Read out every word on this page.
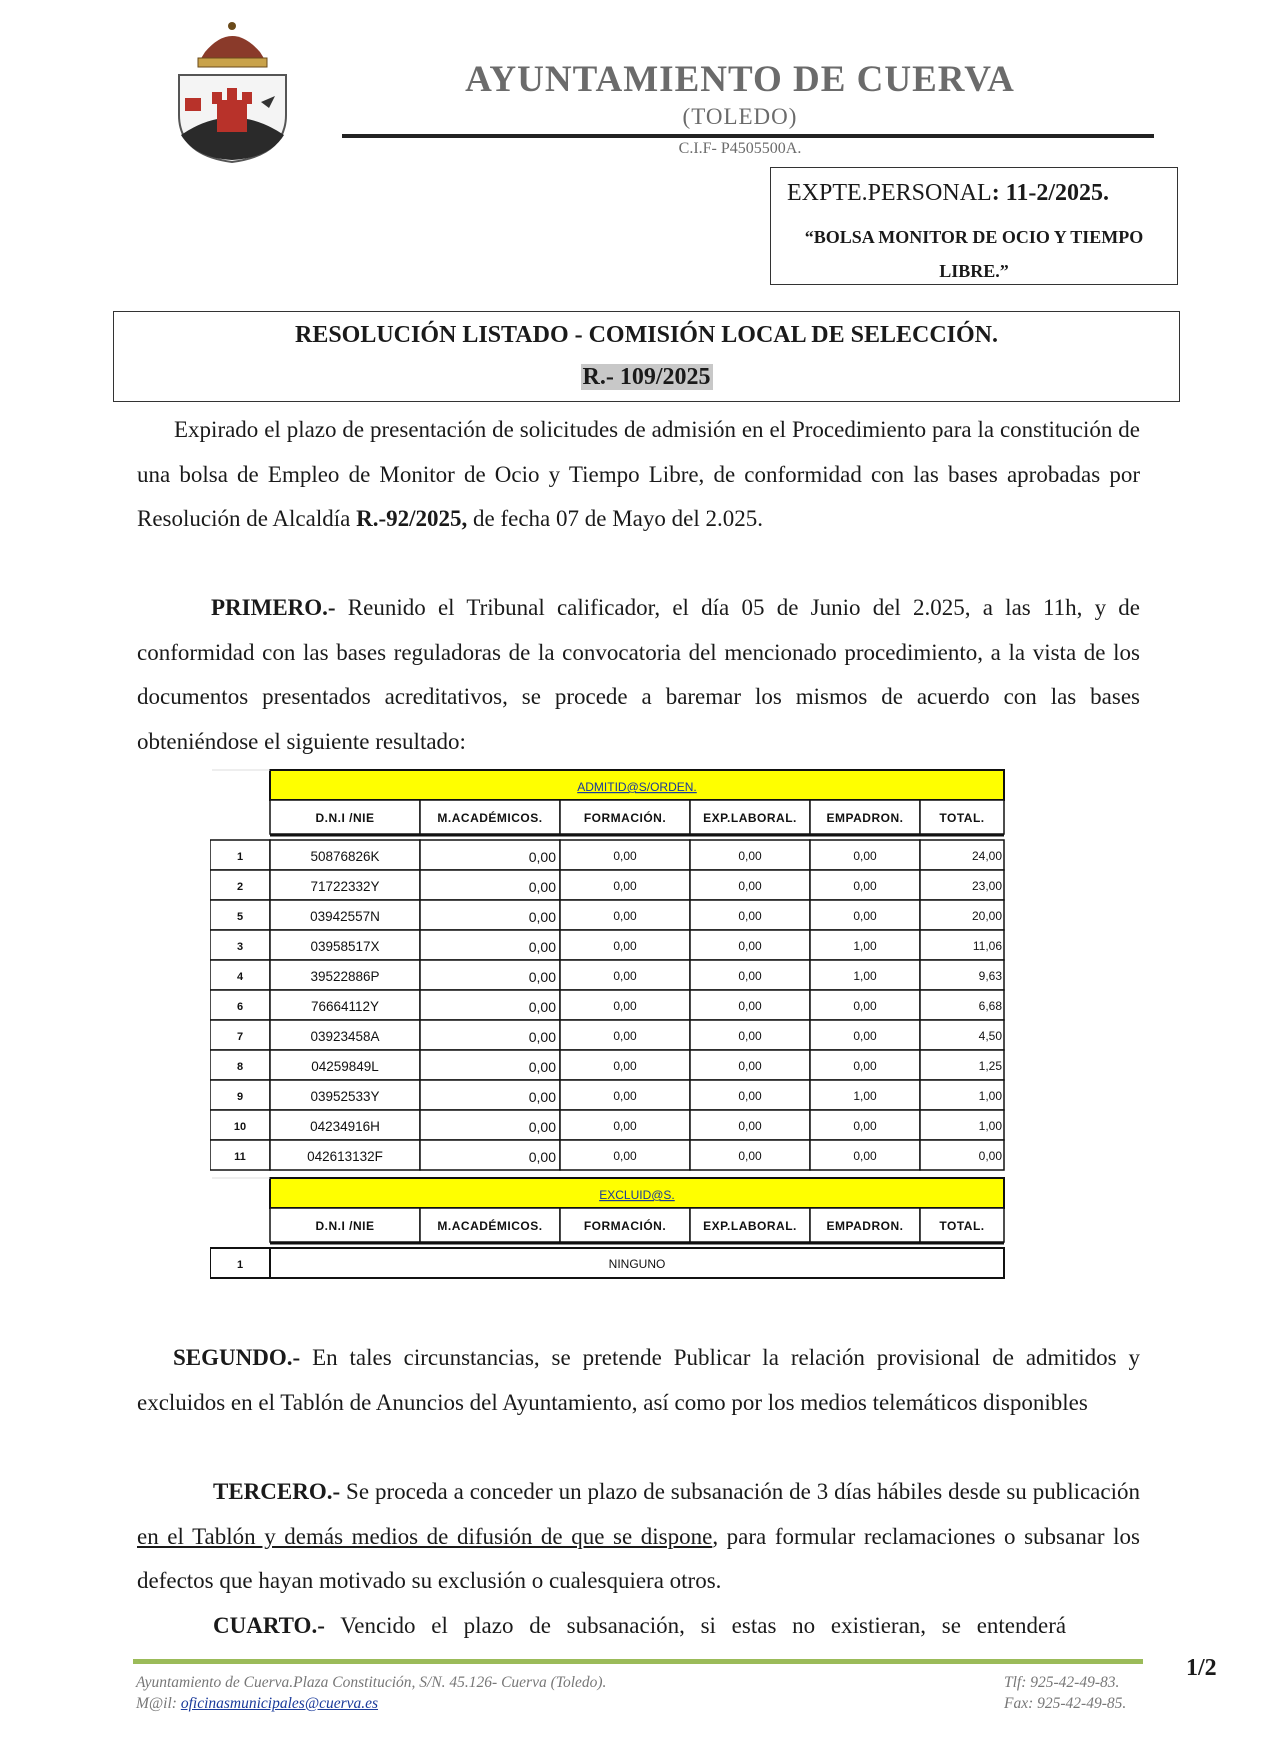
AYUNTAMIENTO DE CUERVA
(TOLEDO)
C.I.F- P4505500A.
EXPTE.PERSONAL: 11-2/2025.
“BOLSA MONITOR DE OCIO Y TIEMPO LIBRE.”
RESOLUCIÓN LISTADO - COMISIÓN LOCAL DE SELECCIÓN.
R.- 109/2025
Expirado el plazo de presentación de solicitudes de admisión en el Procedimiento para la constitución de una bolsa de Empleo de Monitor de Ocio y Tiempo Libre, de conformidad con las bases aprobadas por Resolución de Alcaldía R.-92/2025, de fecha 07 de Mayo del 2.025.
PRIMERO.- Reunido el Tribunal calificador, el día 05 de Junio del 2.025, a las 11h, y de conformidad con las bases reguladoras de la convocatoria del mencionado procedimiento, a la vista de los documentos presentados acreditativos, se procede a baremar los mismos de acuerdo con las bases obteniéndose el siguiente resultado:
ADMITID@S/ORDEN.
D.N.I /NIE	M.ACADÉMICOS.	FORMACIÓN.	EXP.LABORAL. EMPADRON.	TOTAL.
1	50876826K	0,00	0,00	0,00	0,00	24,00
2	71722332Y	0,00	0,00	0,00	0,00	23,00
5	03942557N	0,00	0,00	0,00	0,00	20,00
3	03958517X	0,00	0,00	0,00	1,00	11,06
4	39522886P	0,00	0,00	0,00	1,00	9,63
6	76664112Y	0,00	0,00	0,00	0,00	6,68
7	03923458A	0,00	0,00	0,00	0,00	4,50
8	04259849L	0,00	0,00	0,00	0,00	1,25
9	03952533Y	0,00	0,00	0,00	1,00	1,00
10	04234916H	0,00	0,00	0,00	0,00	1,00
11	042613132F	0,00	0,00	0,00	0,00	0,00
EXCLUID@S.
D.N.I /NIE	M.ACADÉMICOS.	FORMACIÓN.	EXP.LABORAL. EMPADRON.	TOTAL.
1	NINGUNO
SEGUNDO.- En tales circunstancias, se pretende Publicar la relación provisional de admitidos y excluidos en el Tablón de Anuncios del Ayuntamiento, así como por los medios telemáticos disponibles
TERCERO.- Se proceda a conceder un plazo de subsanación de 3 días hábiles desde su publicación en el Tablón y demás medios de difusión de que se dispone, para formular reclamaciones o subsanar los defectos que hayan motivado su exclusión o cualesquiera otros.
CUARTO.- Vencido el plazo de subsanación, si estas no existieran, se entenderá
Ayuntamiento de Cuerva.Plaza Constitución, S/N. 45.126- Cuerva (Toledo).
M@il: oficinasmunicipales@cuerva.es
Tlf: 925-42-49-83.
Fax: 925-42-49-85.
1/2
